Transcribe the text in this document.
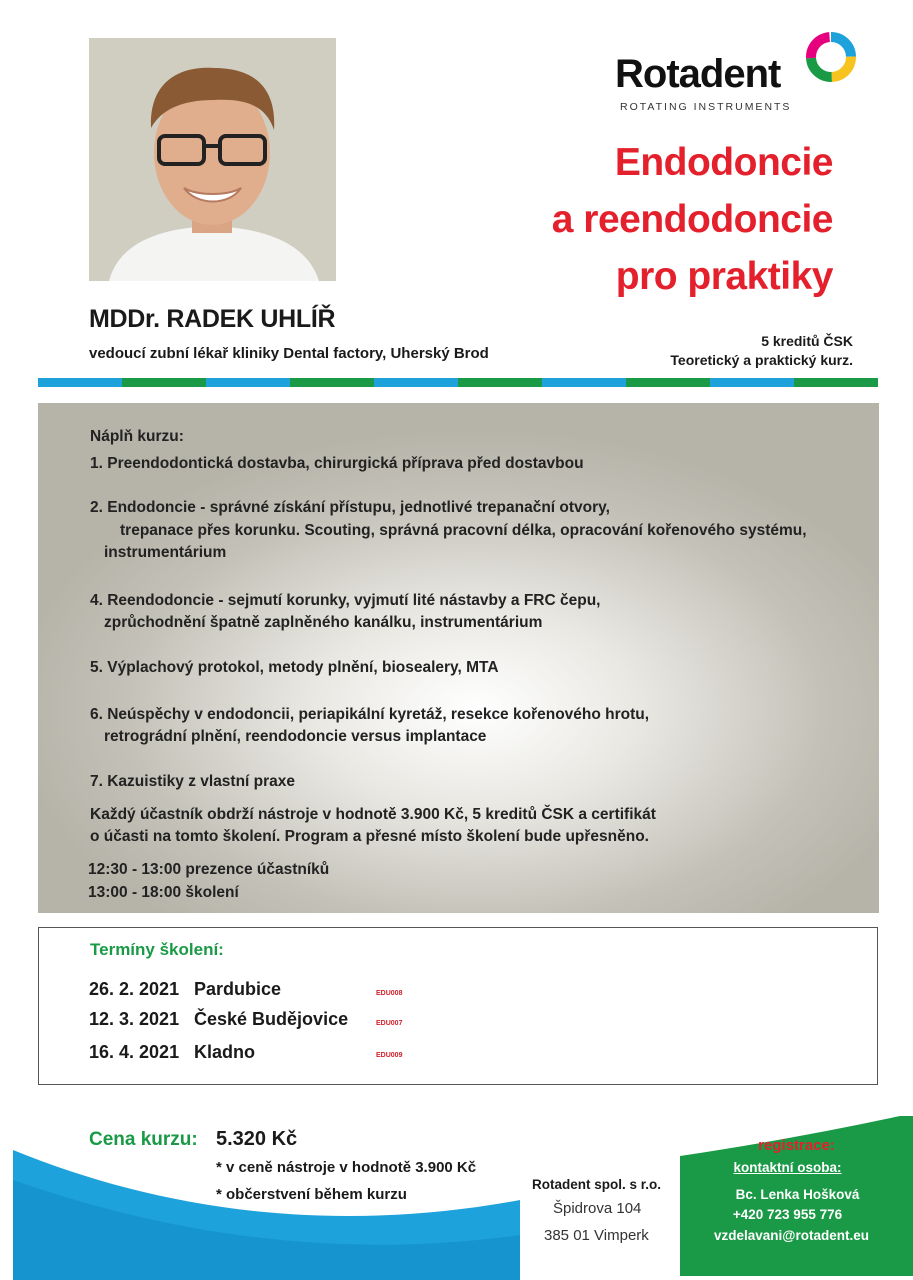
Rotadent
ROTATING INSTRUMENTS
Endodoncie
a reendodoncie
pro praktiky
MDDr. RADEK UHLÍŘ
vedoucí zubní lékař kliniky Dental factory, Uherský Brod
5 kreditů ČSK
Teoretický a praktický kurz.
Náplň kurzu:
1. Preendodontická dostavba, chirurgická příprava před dostavbou
2. Endodoncie - správné získání přístupu, jednotlivé trepanační otvory,
trepanace přes korunku. Scouting, správná pracovní délka, opracování kořenového systému,
instrumentárium
4. Reendodoncie - sejmutí korunky, vyjmutí lité nástavby a FRC čepu,
zprůchodnění špatně zaplněného kanálku, instrumentárium
5. Výplachový protokol, metody plnění, biosealery, MTA
6. Neúspěchy v endodoncii, periapikální kyretáž, resekce kořenového hrotu,
retrográdní plnění, reendodoncie versus implantace
7. Kazuistiky z vlastní praxe
Každý účastník obdrží nástroje v hodnotě 3.900 Kč, 5 kreditů ČSK a certifikát
o účasti na tomto školení. Program a přesné místo školení bude upřesněno.
12:30 - 13:00 prezence účastníků
13:00 - 18:00 školení
Termíny školení:
26. 2. 2021 Pardubice	EDU008
12. 3. 2021 České Budějovice	EDU007
16. 4. 2021 Kladno	EDU009
Cena kurzu: 5.320 Kč
* v ceně nástroje v hodnotě 3.900 Kč
* občerstvení během kurzu
Rotadent spol. s r.o.
Špidrova 104
385 01 Vimperk
registrace:
kontaktní osoba:
Bc. Lenka Hošková
+420 723 955 776
vzdelavani@rotadent.eu
